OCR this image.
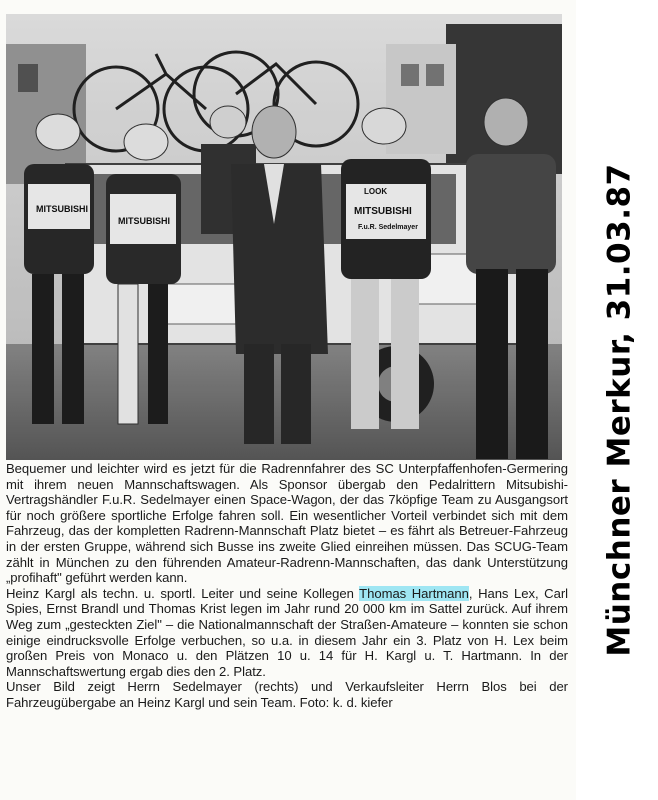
MITSUBISHI
MITSUBISHI
MITSUBISHI
F.u.R. Sedelmayer
LOOK

Bequemer und leichter wird es jetzt für die Radrennfahrer des SC Unterpfaffenhofen-Germering mit ihrem neuen Mannschaftswagen. Als Sponsor übergab den Pedalrittern Mitsubishi-Vertragshändler F.u.R. Sedelmayer einen Space-Wagon, der das 7köpfige Team zu Ausgangsort für noch größere sportliche Erfolge fahren soll. Ein wesentlicher Vorteil verbindet sich mit dem Fahrzeug, das der kompletten Radrenn-Mannschaft Platz bietet – es fährt als Betreuer-Fahrzeug in der ersten Gruppe, während sich Busse ins zweite Glied einreihen müssen. Das SCUG-Team zählt in München zu den führenden Amateur-Radrenn-Mannschaften, das dank Unterstützung „profihaft" geführt werden kann.

Heinz Kargl als techn. u. sportl. Leiter und seine Kollegen Thomas Hartmann, Hans Lex, Carl Spies, Ernst Brandl und Thomas Krist legen im Jahr rund 20 000 km im Sattel zurück. Auf ihrem Weg zum „gesteckten Ziel" – die Nationalmannschaft der Straßen-Amateure – konnten sie schon einige eindrucksvolle Erfolge verbuchen, so u.a. in diesem Jahr ein 3. Platz von H. Lex beim großen Preis von Monaco u. den Plätzen 10 u. 14 für H. Kargl u. T. Hartmann. In der Mannschaftswertung ergab dies den 2. Platz.

Unser Bild zeigt Herrn Sedelmayer (rechts) und Verkaufsleiter Herrn Blos bei der Fahrzeugübergabe an Heinz Kargl und sein Team. Foto: k. d. kiefer

Münchner Merkur, 31.03.87
